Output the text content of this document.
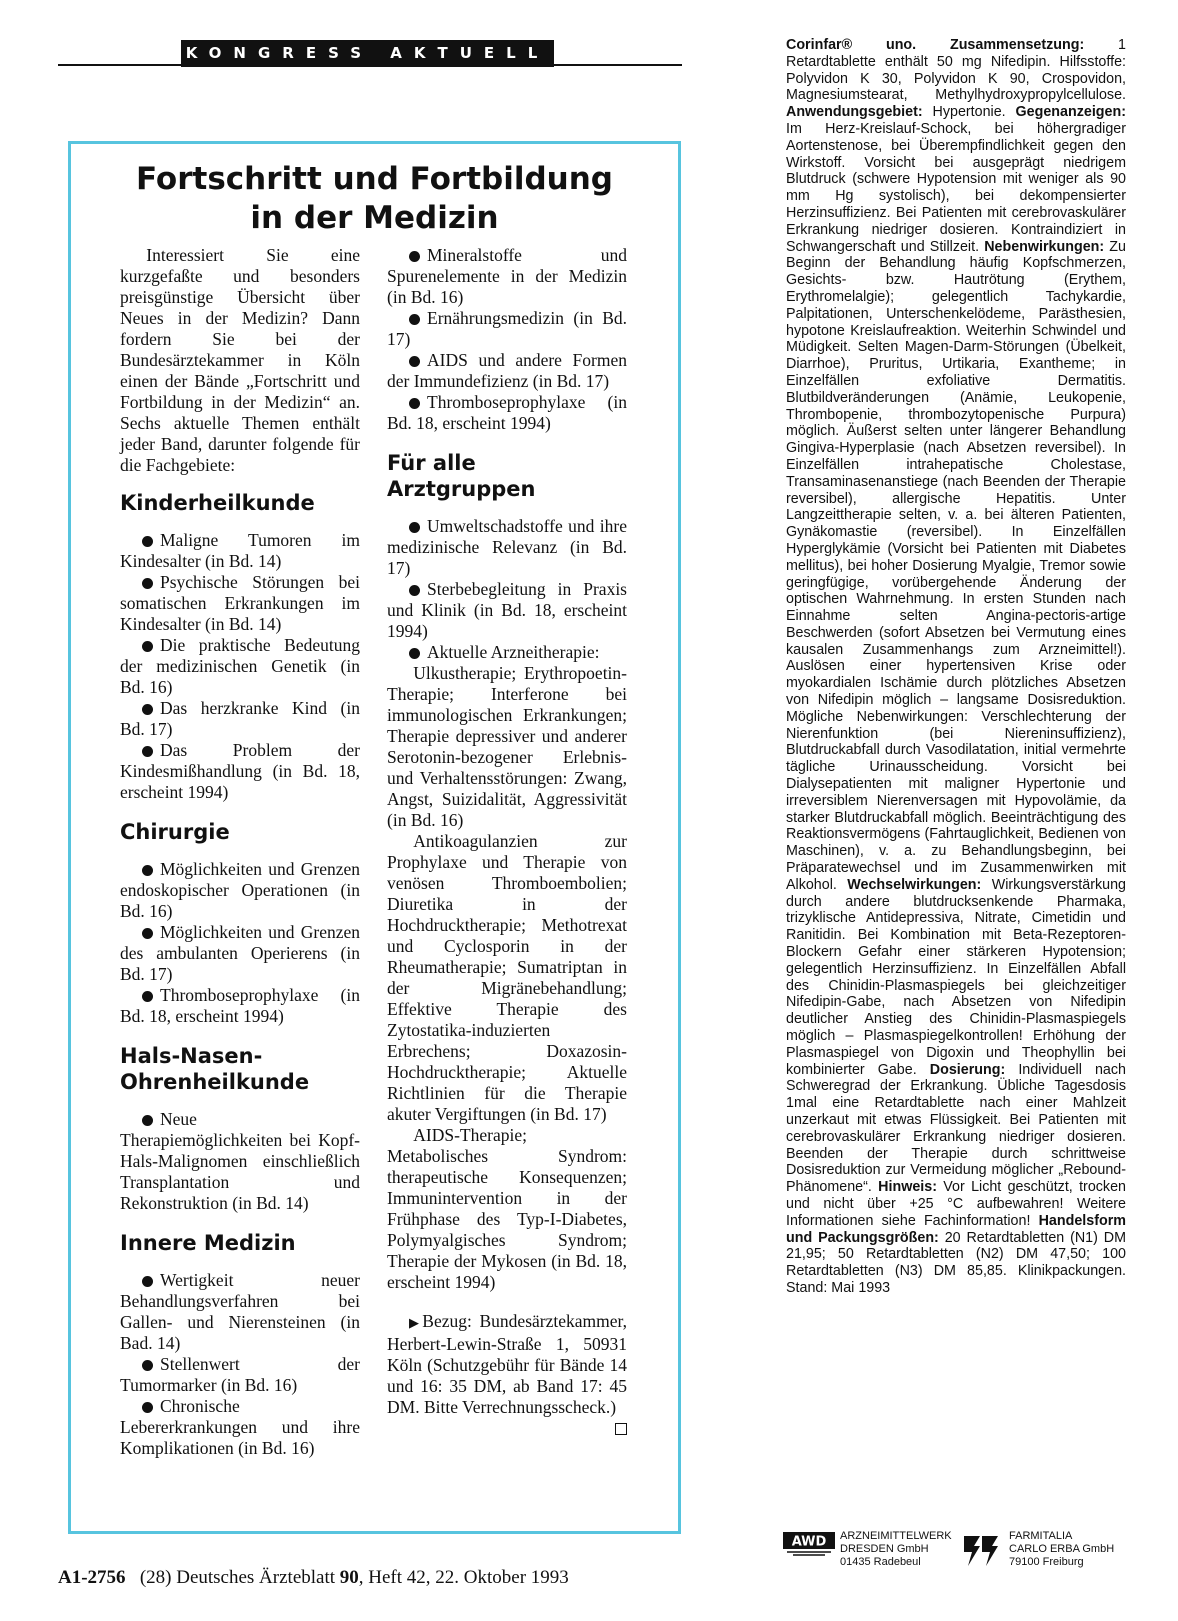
KONGRESS AKTUELL
Fortschritt und Fortbildung
in der Medizin

Interessiert Sie eine kurzgefaßte und besonders preisgünstige Übersicht über Neues in der Medizin? Dann fordern Sie bei der Bundesärztekammer in Köln einen der Bände „Fortschritt und Fortbildung in der Medizin“ an. Sechs aktuelle Themen enthält jeder Band, darunter folgende für die Fachgebiete:

Kinderheilkunde

Maligne Tumoren im Kindesalter (in Bd. 14)

Psychische Störungen bei somatischen Erkrankungen im Kindesalter (in Bd. 14)

Die praktische Bedeutung der medizinischen Genetik (in Bd. 16)

Das herzkranke Kind (in Bd. 17)

Das Problem der Kindesmißhandlung (in Bd. 18, erscheint 1994)

Chirurgie

Möglichkeiten und Grenzen endoskopischer Operationen (in Bd. 16)

Möglichkeiten und Grenzen des ambulanten Operierens (in Bd. 17)

Thromboseprophylaxe (in Bd. 18, erscheint 1994)

Hals-Nasen-Ohrenheilkunde

Neue Therapiemöglichkeiten bei Kopf-Hals-Malignomen einschließlich Transplantation und Rekonstruktion (in Bd. 14)

Innere Medizin

Wertigkeit neuer Behandlungsverfahren bei Gallen- und Nierensteinen (in Bad. 14)

Stellenwert der Tumormarker (in Bd. 16)

Chronische Lebererkrankungen und ihre Komplikationen (in Bd. 16)

Mineralstoffe und Spurenelemente in der Medizin (in Bd. 16)

Ernährungsmedizin (in Bd. 17)

AIDS und andere Formen der Immundefizienz (in Bd. 17)

Thromboseprophylaxe (in Bd. 18, erscheint 1994)

Für alle Arztgruppen

Umweltschadstoffe und ihre medizinische Relevanz (in Bd. 17)

Sterbebegleitung in Praxis und Klinik (in Bd. 18, erscheint 1994)

Aktuelle Arzneitherapie:

Ulkustherapie; Erythropoetin-Therapie; Interferone bei immunologischen Erkrankungen; Therapie depressiver und anderer Serotonin-bezogener Erlebnis- und Verhaltensstörungen: Zwang, Angst, Suizidalität, Aggressivität (in Bd. 16)

Antikoagulanzien zur Prophylaxe und Therapie von venösen Thromboembolien; Diuretika in der Hochdrucktherapie; Methotrexat und Cyclosporin in der Rheumatherapie; Sumatriptan in der Migränebehandlung; Effektive Therapie des Zytostatika-induzierten Erbrechens; Doxazosin-Hochdrucktherapie; Aktuelle Richtlinien für die Therapie akuter Vergiftungen (in Bd. 17)

AIDS-Therapie; Metabolisches Syndrom: therapeutische Konsequenzen; Immunintervention in der Frühphase des Typ-I-Diabetes, Polymyalgisches Syndrom; Therapie der Mykosen (in Bd. 18, erscheint 1994)

▶Bezug: Bundesärztekammer, Herbert-Lewin-Straße 1, 50931 Köln (Schutzgebühr für Bände 14 und 16: 35 DM, ab Band 17: 45 DM. Bitte Verrechnungsscheck.)

Corinfar® uno. Zusammensetzung: 1 Retardtablette enthält 50 mg Nifedipin. Hilfsstoffe: Polyvidon K 30, Polyvidon K 90, Crospovidon, Magnesiumstearat, Methylhydroxypropylcellulose. Anwendungsgebiet: Hypertonie. Gegenanzeigen: Im Herz-Kreislauf-Schock, bei höhergradiger Aortenstenose, bei Überempfindlichkeit gegen den Wirkstoff. Vorsicht bei ausgeprägt niedrigem Blutdruck (schwere Hypotension mit weniger als 90 mm Hg systolisch), bei dekompensierter Herzinsuffizienz. Bei Patienten mit cerebrovaskulärer Erkrankung niedriger dosieren. Kontraindiziert in Schwangerschaft und Stillzeit. Nebenwirkungen: Zu Beginn der Behandlung häufig Kopfschmerzen, Gesichts- bzw. Hautrötung (Erythem, Erythromelalgie); gelegentlich Tachykardie, Palpitationen, Unterschenkelödeme, Parästhesien, hypotone Kreislaufreaktion. Weiterhin Schwindel und Müdigkeit. Selten Magen-Darm-Störungen (Übelkeit, Diarrhoe), Pruritus, Urtikaria, Exantheme; in Einzelfällen exfoliative Dermatitis. Blutbildveränderungen (Anämie, Leukopenie, Thrombopenie, thrombozytopenische Purpura) möglich. Äußerst selten unter längerer Behandlung Gingiva-Hyperplasie (nach Absetzen reversibel). In Einzelfällen intrahepatische Cholestase, Transaminasenanstiege (nach Beenden der Therapie reversibel), allergische Hepatitis. Unter Langzeittherapie selten, v. a. bei älteren Patienten, Gynäkomastie (reversibel). In Einzelfällen Hyperglykämie (Vorsicht bei Patienten mit Diabetes mellitus), bei hoher Dosierung Myalgie, Tremor sowie geringfügige, vorübergehende Änderung der optischen Wahrnehmung. In ersten Stunden nach Einnahme selten Angina-pectoris-artige Beschwerden (sofort Absetzen bei Vermutung eines kausalen Zusammenhangs zum Arzneimittel!). Auslösen einer hypertensiven Krise oder myokardialen Ischämie durch plötzliches Absetzen von Nifedipin möglich – langsame Dosisreduktion. Mögliche Nebenwirkungen: Verschlechterung der Nierenfunktion (bei Niereninsuffizienz), Blutdruckabfall durch Vasodilatation, initial vermehrte tägliche Urinausscheidung. Vorsicht bei Dialysepatienten mit maligner Hypertonie und irreversiblem Nierenversagen mit Hypovolämie, da starker Blutdruckabfall möglich. Beeinträchtigung des Reaktionsvermögens (Fahrtauglichkeit, Bedienen von Maschinen), v. a. zu Behandlungsbeginn, bei Präparatewechsel und im Zusammenwirken mit Alkohol. Wechselwirkungen: Wirkungsverstärkung durch andere blutdrucksenkende Pharmaka, trizyklische Antidepressiva, Nitrate, Cimetidin und Ranitidin. Bei Kombination mit Beta-Rezeptoren-Blockern Gefahr einer stärkeren Hypotension; gelegentlich Herzinsuffizienz. In Einzelfällen Abfall des Chinidin-Plasmaspiegels bei gleichzeitiger Nifedipin-Gabe, nach Absetzen von Nifedipin deutlicher Anstieg des Chinidin-Plasmaspiegels möglich – Plasmaspiegelkontrollen! Erhöhung der Plasmaspiegel von Digoxin und Theophyllin bei kombinierter Gabe. Dosierung: Individuell nach Schweregrad der Erkrankung. Übliche Tagesdosis 1mal eine Retardtablette nach einer Mahlzeit unzerkaut mit etwas Flüssigkeit. Bei Patienten mit cerebrovaskulärer Erkrankung niedriger dosieren. Beenden der Therapie durch schrittweise Dosisreduktion zur Vermeidung möglicher „Rebound-Phänomene“. Hinweis: Vor Licht geschützt, trocken und nicht über +25 °C aufbewahren! Weitere Informationen siehe Fachinformation! Handelsform und Packungsgrößen: 20 Retardtabletten (N1) DM 21,95; 50 Retardtabletten (N2) DM 47,50; 100 Retardtabletten (N3) DM 85,85. Klinikpackungen. Stand: Mai 1993
AWD ARZNEIMITTELWERK
DRESDEN GmbH
01435 Radebeul
FARMITALIA
CARLO ERBA GmbH
79100 Freiburg
A1-2756 (28) Deutsches Ärzteblatt 90, Heft 42, 22. Oktober 1993
